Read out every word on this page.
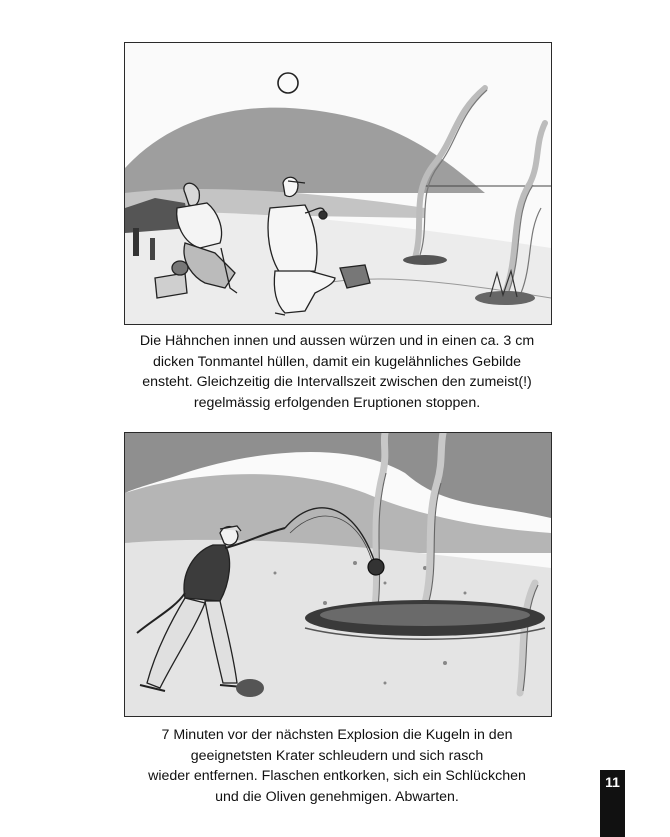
Die Hähnchen innen und aussen würzen und in einen ca. 3 cm
dicken Tonmantel hüllen, damit ein kugelähnliches Gebilde
ensteht. Gleichzeitig die Intervallszeit zwischen den zumeist(!)
regelmässig erfolgenden Eruptionen stoppen.
7 Minuten vor der nächsten Explosion die Kugeln in den
geeignetsten Krater schleudern und sich rasch
wieder entfernen. Flaschen entkorken, sich ein Schlückchen
und die Oliven genehmigen. Abwarten.
11
